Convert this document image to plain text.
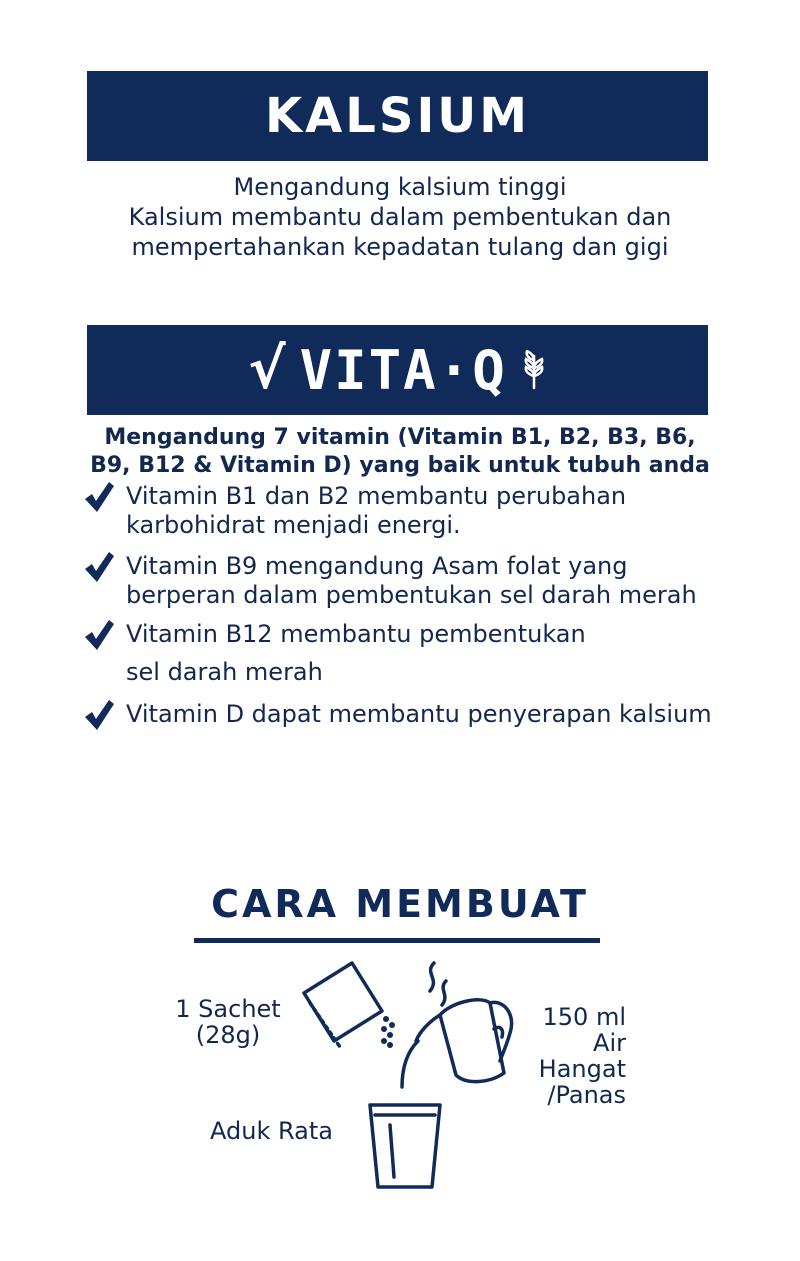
KALSIUM
Mengandung kalsium tinggi
Kalsium membantu dalam pembentukan dan
mempertahankan kepadatan tulang dan gigi
√ VITA·Q
Mengandung 7 vitamin (Vitamin B1, B2, B3, B6,
B9, B12 & Vitamin D) yang baik untuk tubuh anda
Vitamin B1 dan B2 membantu perubahan
karbohidrat menjadi energi.
Vitamin B9 mengandung Asam folat yang
berperan dalam pembentukan sel darah merah
Vitamin B12 membantu pembentukan
sel darah merah
Vitamin D dapat membantu penyerapan kalsium
CARA MEMBUAT
1 Sachet
(28g)
150 ml
Air
Hangat
/Panas
Aduk Rata
